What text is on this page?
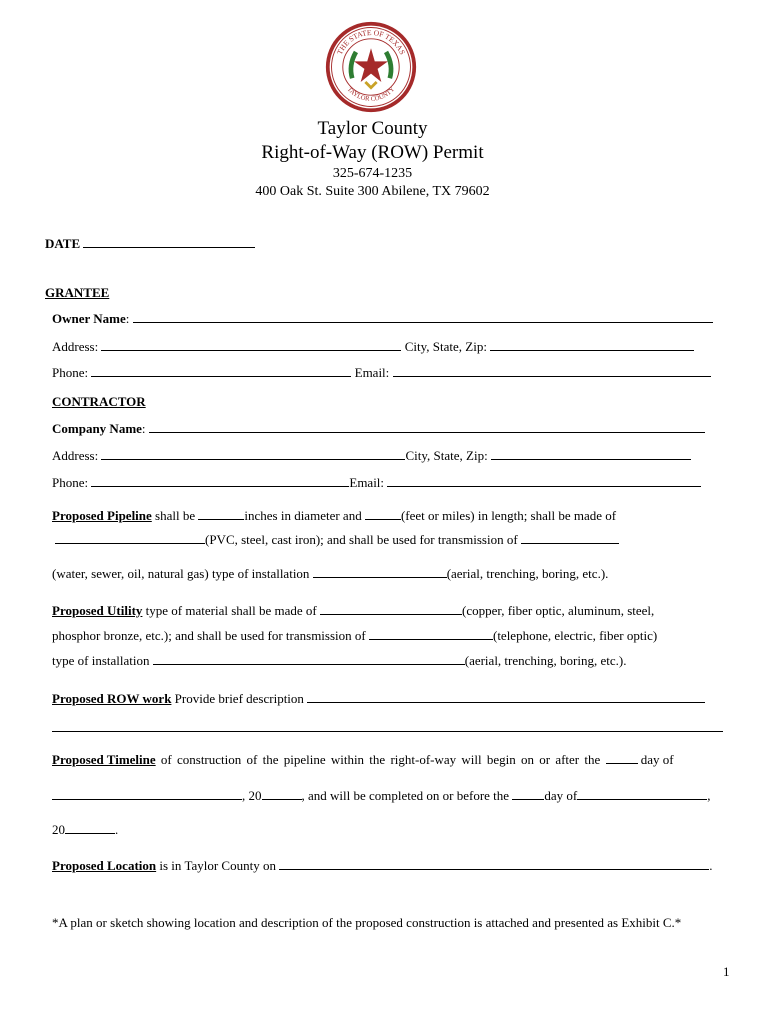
THE STATE OF TEXAS
TAYLOR COUNTY
Taylor County
Right-of-Way (ROW) Permit
325-674-1235
400 Oak St. Suite 300 Abilene, TX 79602
DATE
GRANTEE
Owner Name:
Address:	City, State, Zip:
Phone:	Email:
CONTRACTOR
Company Name:
Address:	City, State, Zip:
Phone:	Email:
Proposed Pipeline shall be	inches in diameter and	(feet or miles) in length; shall be made of
(PVC, steel, cast iron); and shall be used for transmission of
(water, sewer, oil, natural gas) type of installation	(aerial, trenching, boring, etc.).
Proposed Utility type of material shall be made of	(copper, fiber optic, aluminum, steel,
phosphor bronze, etc.); and shall be used for transmission of	(telephone, electric, fiber optic)
type of installation	(aerial, trenching, boring, etc.).
Proposed ROW work Provide brief description
Proposed Timeline of construction of the pipeline within the right-of-way will begin on or after the  day of
, 20	, and will be completed on or before the day of	,
20	.
Proposed Location is in Taylor County on	.
*A plan or sketch showing location and description of the proposed construction is attached and presented as Exhibit C.*
1
